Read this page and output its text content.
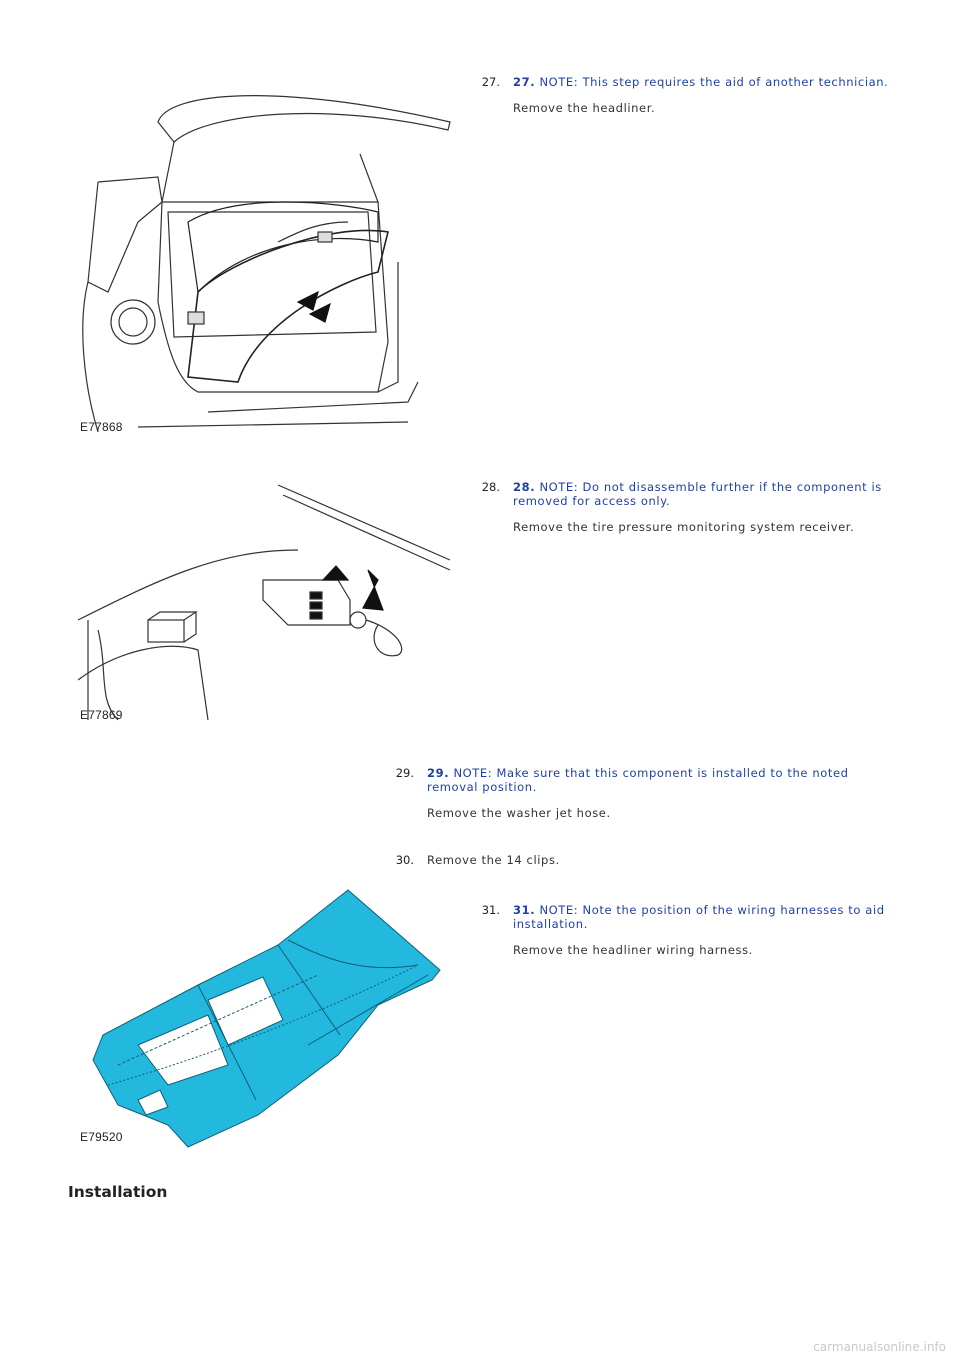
E77868
27. 27. NOTE: This step requires the aid of another technician.
Remove the headliner.
E77869
28. 28. NOTE: Do not disassemble further if the component is removed for access only.
Remove the tire pressure monitoring system receiver.
29. 29. NOTE: Make sure that this component is installed to the noted removal position.
Remove the washer jet hose.
30. Remove the 14 clips.
E79520
31. 31. NOTE: Note the position of the wiring harnesses to aid installation.
Remove the headliner wiring harness.
Installation
carmanualsonline.info
